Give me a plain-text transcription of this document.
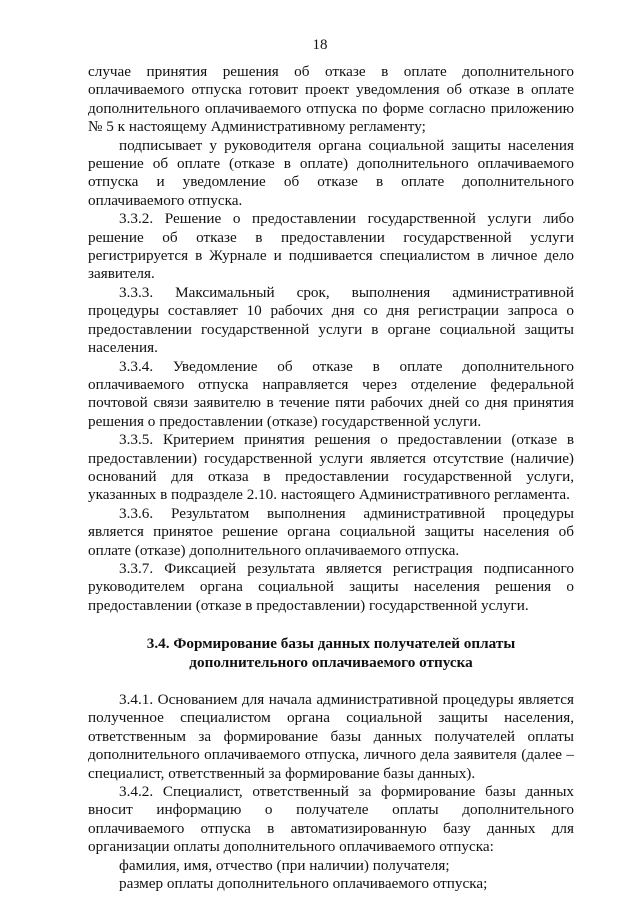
18

случае принятия решения об отказе в оплате дополнительного оплачиваемого отпуска готовит проект уведомления об отказе в оплате дополнительного оплачиваемого отпуска по форме согласно приложению № 5 к настоящему Административному регламенту;

подписывает у руководителя органа социальной защиты населения решение об оплате (отказе в оплате) дополнительного оплачиваемого отпуска и уведомление об отказе в оплате дополнительного оплачиваемого отпуска.

3.3.2. Решение о предоставлении государственной услуги либо решение об отказе в предоставлении государственной услуги регистрируется в Журнале и подшивается специалистом в личное дело заявителя.

3.3.3. Максимальный срок, выполнения административной процедуры составляет 10 рабочих дня со дня регистрации запроса о предоставлении государственной услуги в органе социальной защиты населения.

3.3.4. Уведомление об отказе в оплате дополнительного оплачиваемого отпуска направляется через отделение федеральной почтовой связи заявителю в течение пяти рабочих дней со дня принятия решения о предоставлении (отказе) государственной услуги.

3.3.5. Критерием принятия решения о предоставлении (отказе в предоставлении) государственной услуги является отсутствие (наличие) оснований для отказа в предоставлении государственной услуги, указанных в подразделе 2.10. настоящего Административного регламента.

3.3.6. Результатом выполнения административной процедуры является принятое решение органа социальной защиты населения об оплате (отказе) дополнительного оплачиваемого отпуска.

3.3.7. Фиксацией результата является регистрация подписанного руководителем органа социальной защиты населения решения о предоставлении (отказе в предоставлении) государственной услуги.

3.4. Формирование базы данных получателей оплаты
дополнительного оплачиваемого отпуска

3.4.1. Основанием для начала административной процедуры является полученное специалистом органа социальной защиты населения, ответственным за формирование базы данных получателей оплаты дополнительного оплачиваемого отпуска, личного дела заявителя (далее – специалист, ответственный за формирование базы данных).

3.4.2. Специалист, ответственный за формирование базы данных вносит информацию о получателе оплаты дополнительного оплачиваемого отпуска в автоматизированную базу данных для организации оплаты дополнительного оплачиваемого отпуска:

фамилия, имя, отчество (при наличии) получателя;

размер оплаты дополнительного оплачиваемого отпуска;
